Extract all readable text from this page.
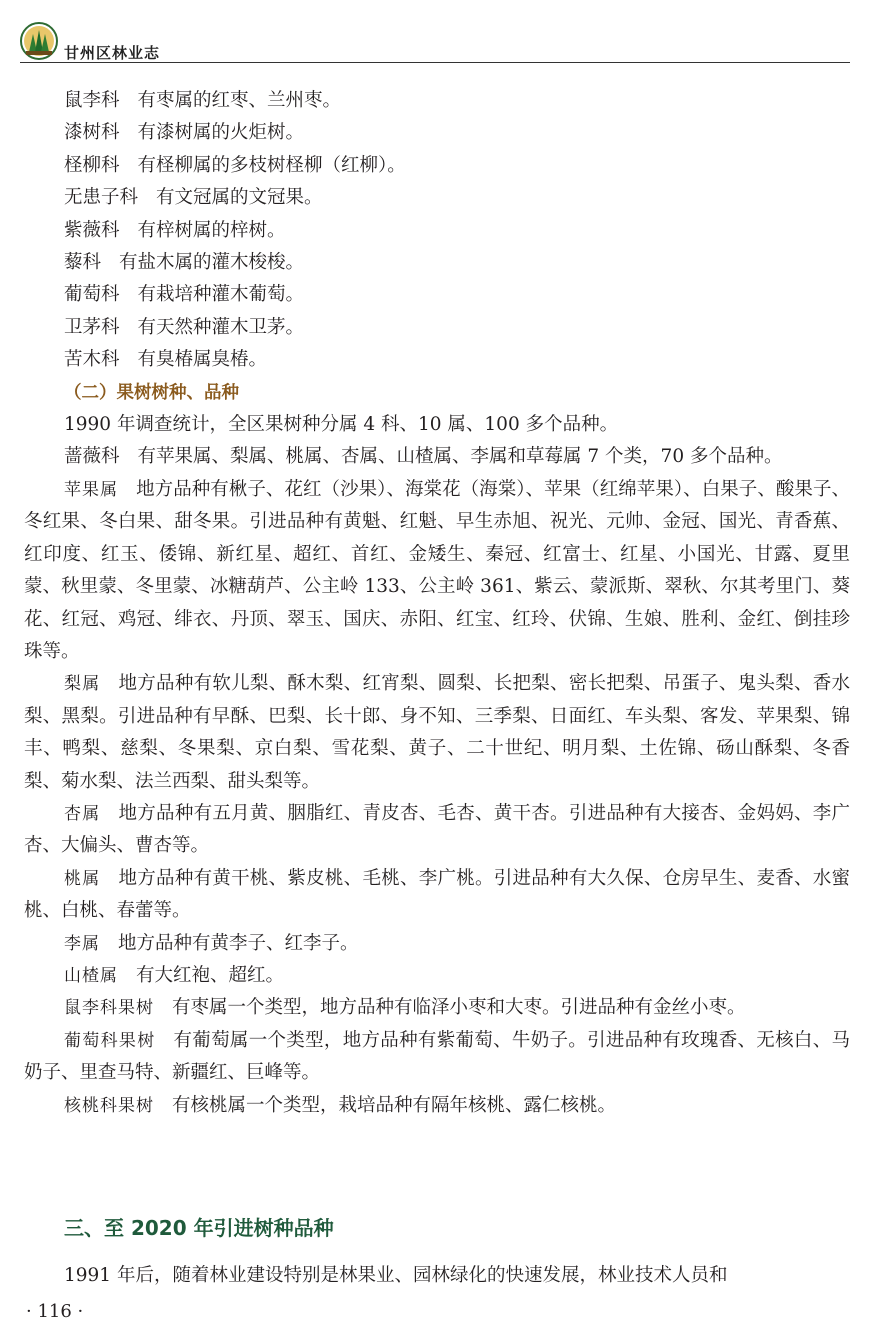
甘州区林业志

鼠李科 有枣属的红枣、兰州枣。

漆树科 有漆树属的火炬树。

柽柳科 有柽柳属的多枝树柽柳（红柳）。

无患子科 有文冠属的文冠果。

紫薇科 有梓树属的梓树。

藜科 有盐木属的灌木梭梭。

葡萄科 有栽培种灌木葡萄。

卫茅科 有天然种灌木卫茅。

苦木科 有臭椿属臭椿。

（二）果树树种、品种

1990 年调查统计，全区果树种分属 4 科、10 属、100 多个品种。

蔷薇科 有苹果属、梨属、桃属、杏属、山楂属、李属和草莓属 7 个类，70 多个品种。

苹果属 地方品种有楸子、花红（沙果）、海棠花（海棠）、苹果（红绵苹果）、白果子、酸果子、冬红果、冬白果、甜冬果。引进品种有黄魁、红魁、早生赤旭、祝光、元帅、金冠、国光、青香蕉、红印度、红玉、倭锦、新红星、超红、首红、金矮生、秦冠、红富士、红星、小国光、甘露、夏里蒙、秋里蒙、冬里蒙、冰糖葫芦、公主岭 133、公主岭 361、紫云、蒙派斯、翠秋、尔其考里门、葵花、红冠、鸡冠、绯衣、丹顶、翠玉、国庆、赤阳、红宝、红玲、伏锦、生娘、胜利、金红、倒挂珍珠等。

梨属 地方品种有软儿梨、酥木梨、红宵梨、圆梨、长把梨、密长把梨、吊蛋子、鬼头梨、香水梨、黑梨。引进品种有早酥、巴梨、长十郎、身不知、三季梨、日面红、车头梨、客发、苹果梨、锦丰、鸭梨、慈梨、冬果梨、京白梨、雪花梨、黄子、二十世纪、明月梨、土佐锦、砀山酥梨、冬香梨、菊水梨、法兰西梨、甜头梨等。

杏属 地方品种有五月黄、胭脂红、青皮杏、毛杏、黄干杏。引进品种有大接杏、金妈妈、李广杏、大偏头、曹杏等。

桃属 地方品种有黄干桃、紫皮桃、毛桃、李广桃。引进品种有大久保、仓房早生、麦香、水蜜桃、白桃、春蕾等。

李属 地方品种有黄李子、红李子。

山楂属 有大红袍、超红。

鼠李科果树 有枣属一个类型，地方品种有临泽小枣和大枣。引进品种有金丝小枣。

葡萄科果树 有葡萄属一个类型，地方品种有紫葡萄、牛奶子。引进品种有玫瑰香、无核白、马奶子、里查马特、新疆红、巨峰等。

核桃科果树 有核桃属一个类型，栽培品种有隔年核桃、露仁核桃。

三、至 2020 年引进树种品种
1991 年后，随着林业建设特别是林果业、园林绿化的快速发展，林业技术人员和
· 116 ·
